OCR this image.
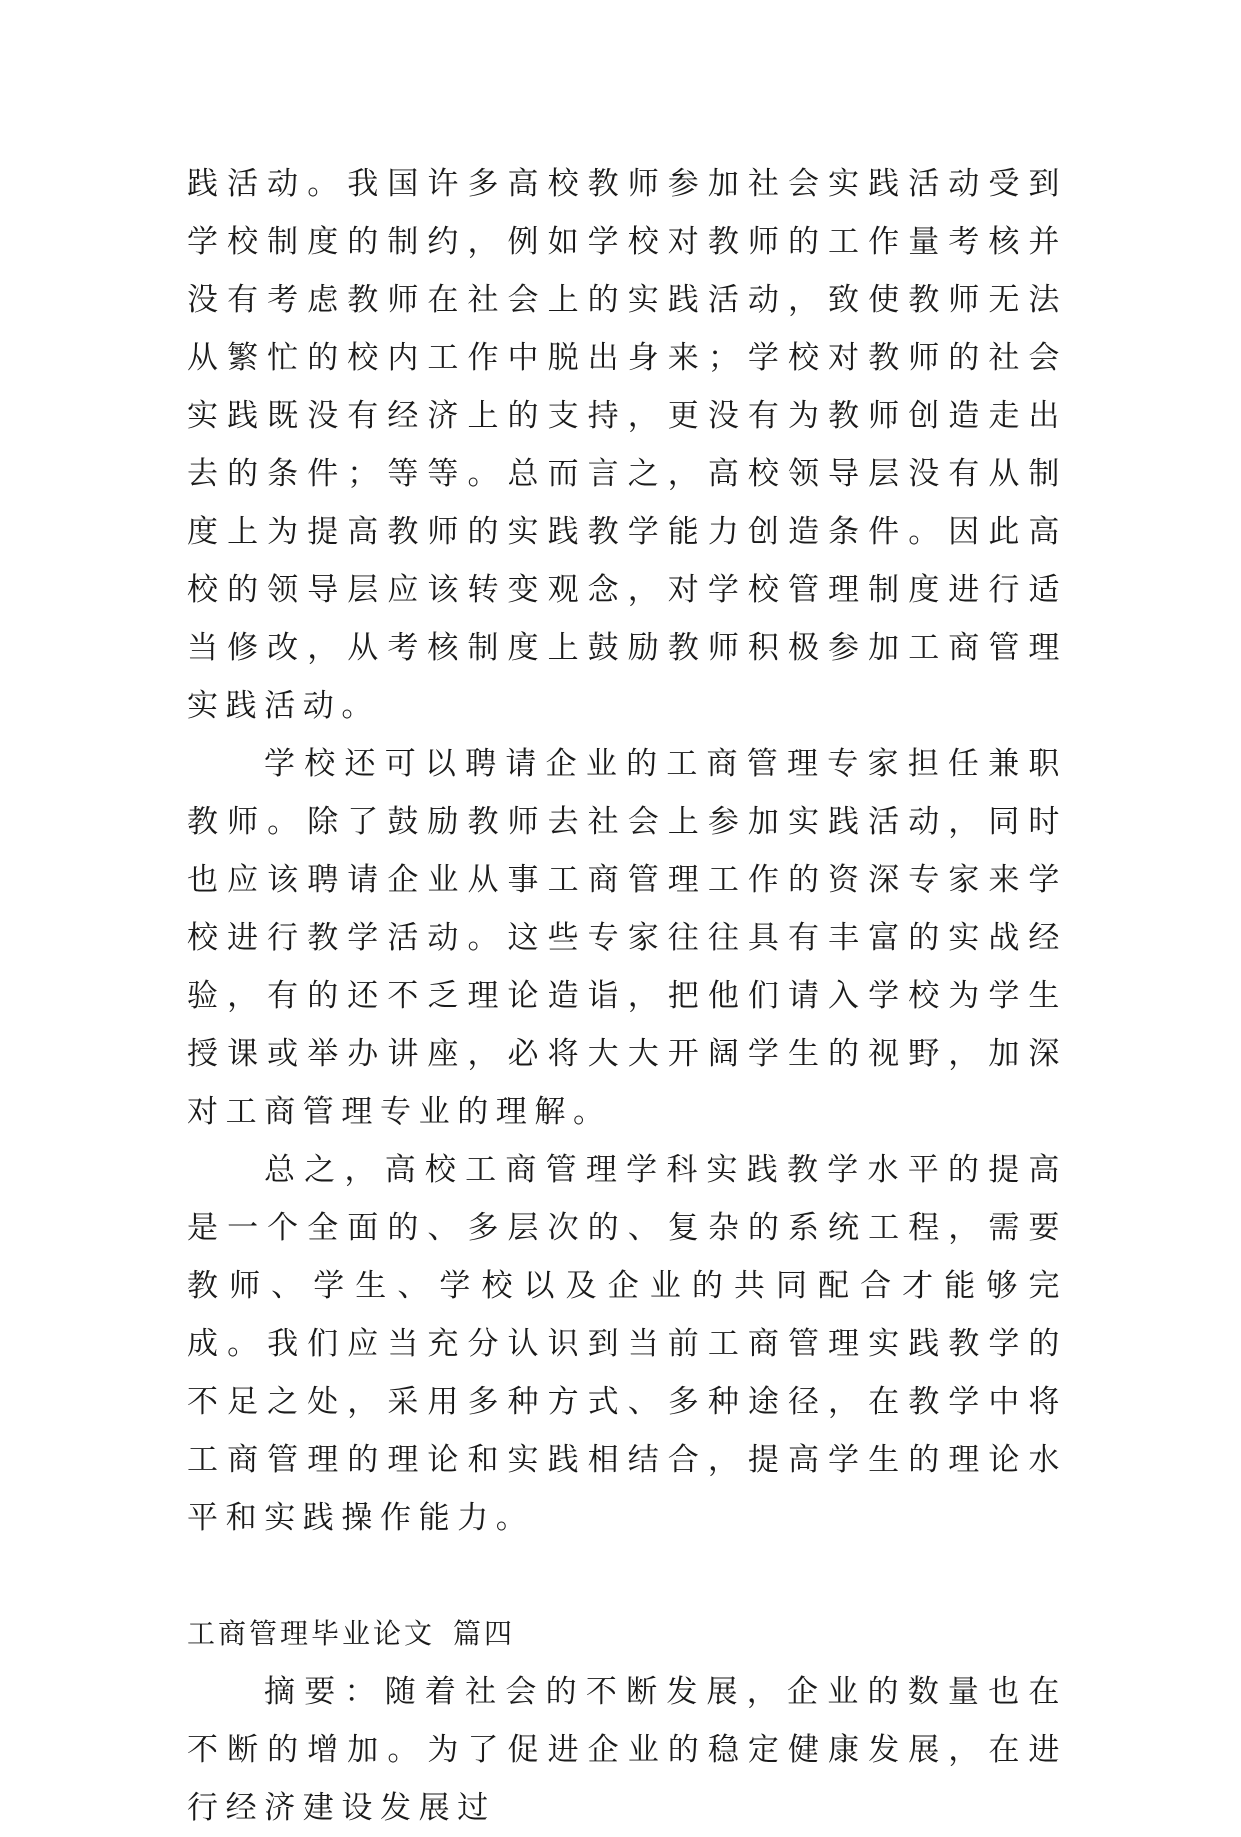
践活动。我国许多高校教师参加社会实践活动受到学校制度的制约，例如学校对教师的工作量考核并没有考虑教师在社会上的实践活动，致使教师无法从繁忙的校内工作中脱出身来；学校对教师的社会实践既没有经济上的支持，更没有为教师创造走出去的条件；等等。总而言之，高校领导层没有从制度上为提高教师的实践教学能力创造条件。因此高校的领导层应该转变观念，对学校管理制度进行适当修改，从考核制度上鼓励教师积极参加工商管理实践活动。

学校还可以聘请企业的工商管理专家担任兼职教师。除了鼓励教师去社会上参加实践活动，同时也应该聘请企业从事工商管理工作的资深专家来学校进行教学活动。这些专家往往具有丰富的实战经验，有的还不乏理论造诣，把他们请入学校为学生授课或举办讲座，必将大大开阔学生的视野，加深对工商管理专业的理解。

总之，高校工商管理学科实践教学水平的提高是一个全面的、多层次的、复杂的系统工程，需要教师、学生、学校以及企业的共同配合才能够完成。我们应当充分认识到当前工商管理实践教学的不足之处，采用多种方式、多种途径，在教学中将工商管理的理论和实践相结合，提高学生的理论水平和实践操作能力。

工商管理毕业论文 篇四

摘要：随着社会的不断发展，企业的数量也在不断的增加。为了促进企业的稳定健康发展，在进行经济建设发展过
